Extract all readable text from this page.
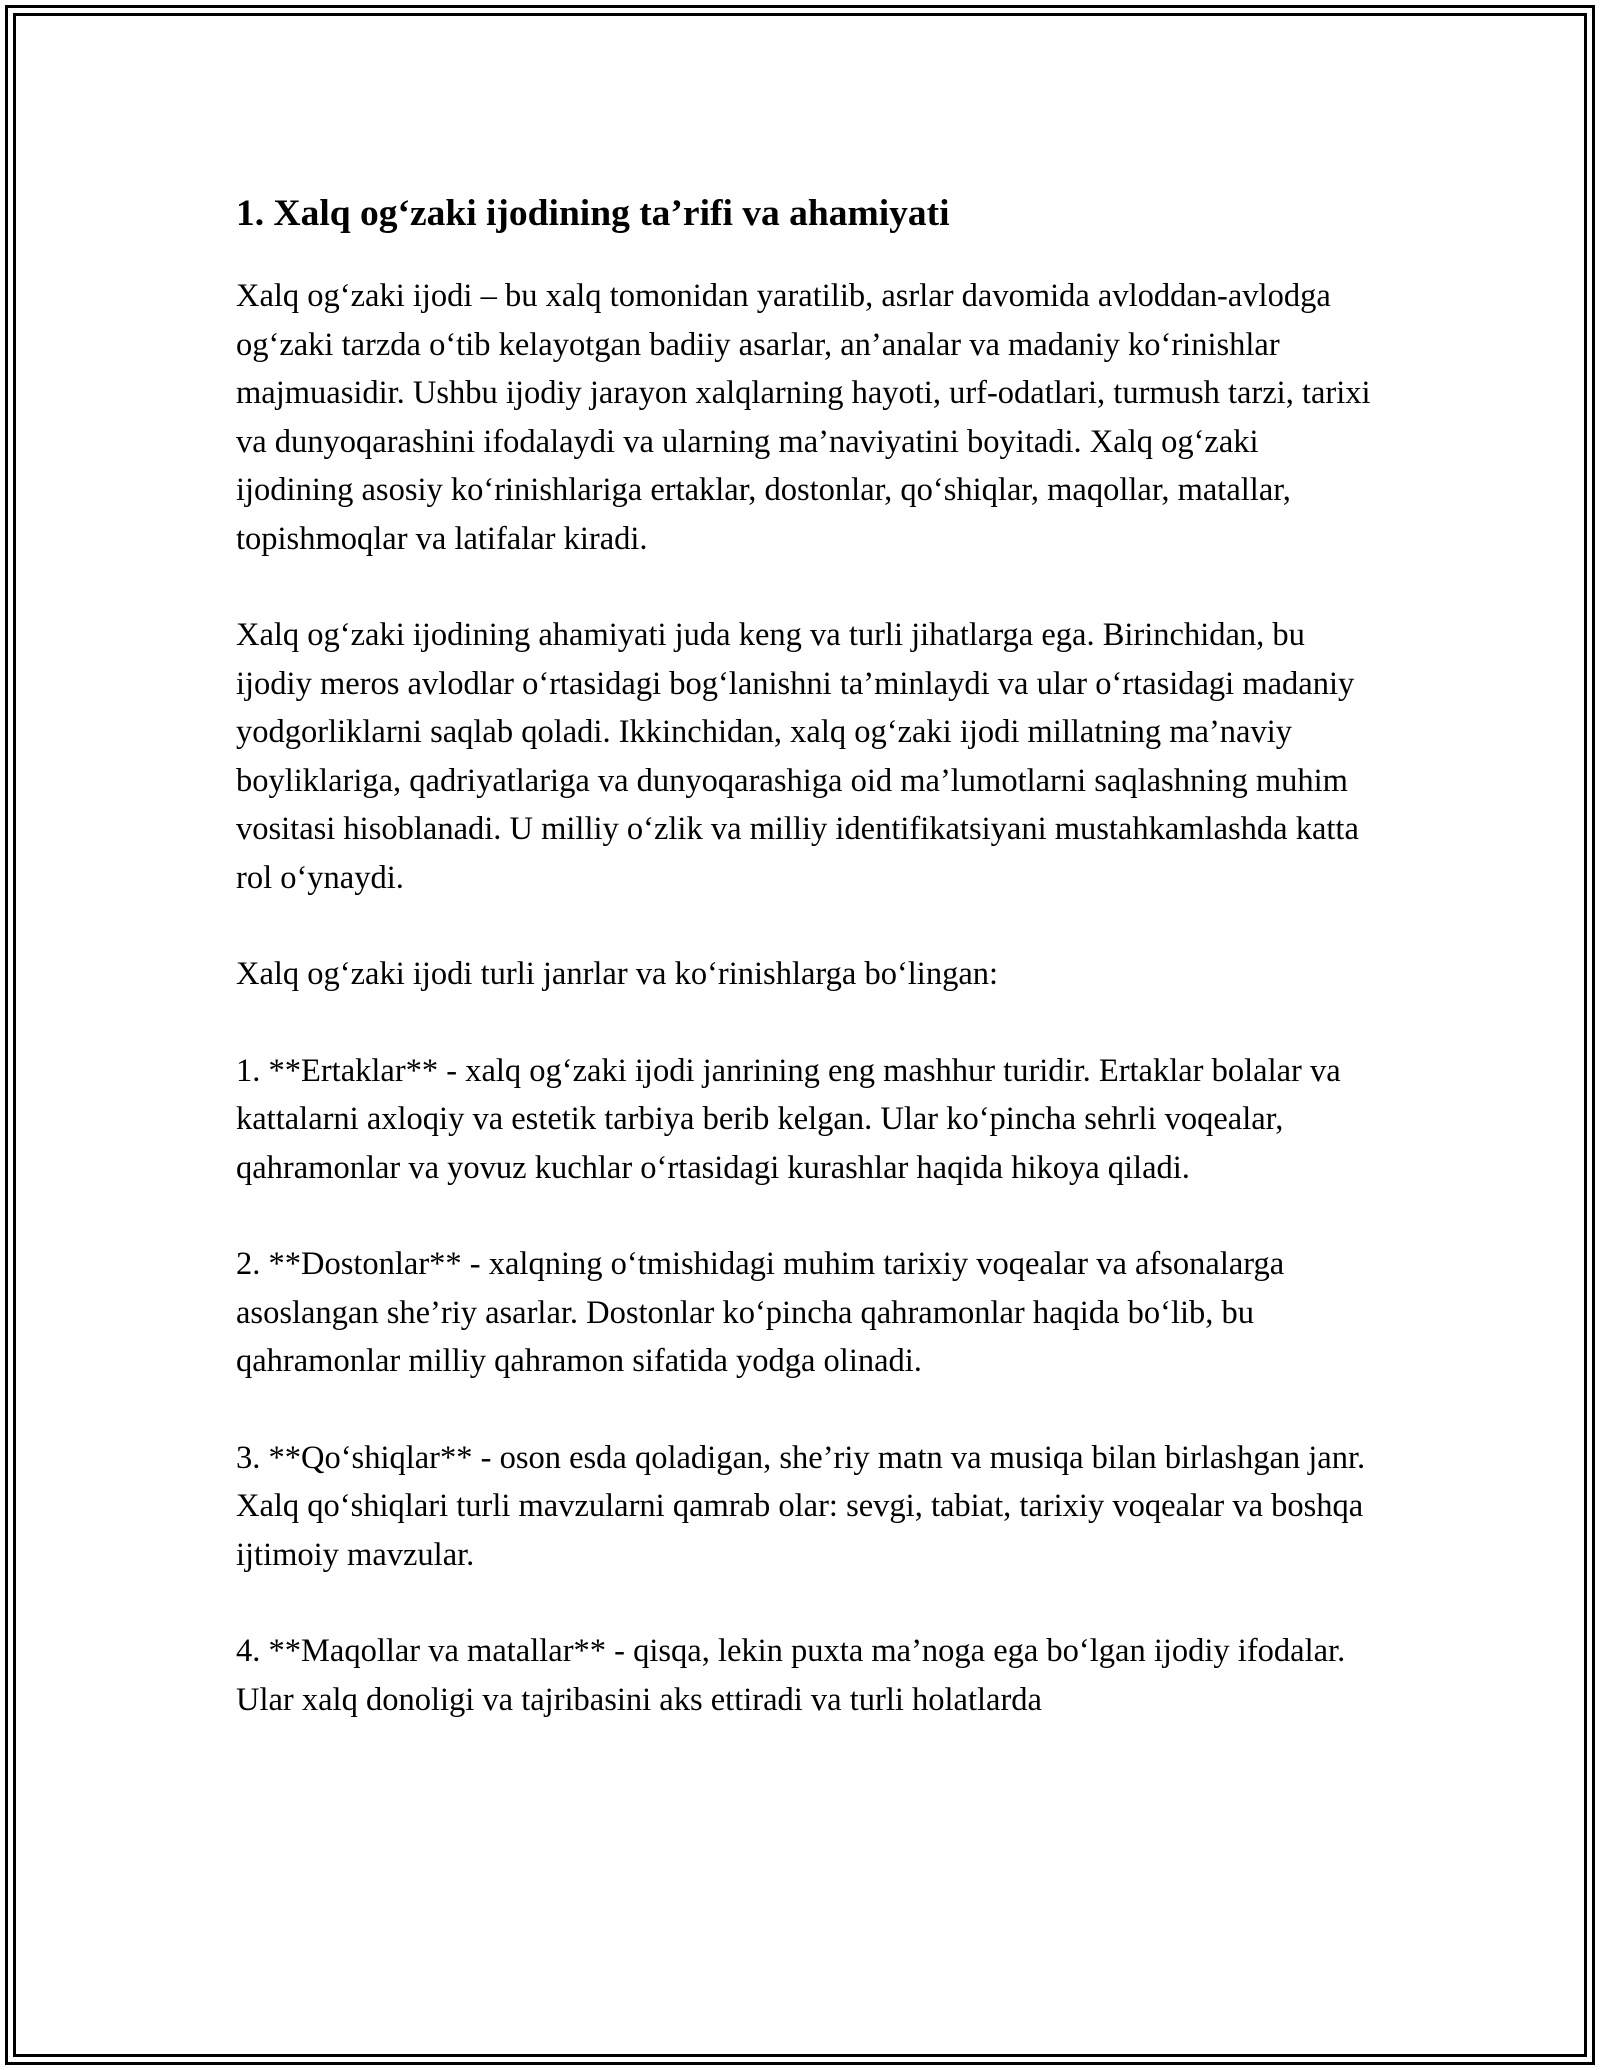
1. Xalq og‘zaki ijodining ta’rifi va ahamiyati

Xalq og‘zaki ijodi – bu xalq tomonidan yaratilib, asrlar davomida avloddan-avlodga og‘zaki tarzda o‘tib kelayotgan badiiy asarlar, an’analar va madaniy ko‘rinishlar majmuasidir. Ushbu ijodiy jarayon xalqlarning hayoti, urf-odatlari, turmush tarzi, tarixi va dunyoqarashini ifodalaydi va ularning ma’naviyatini boyitadi. Xalq og‘zaki ijodining asosiy ko‘rinishlariga ertaklar, dostonlar, qo‘shiqlar, maqollar, matallar, topishmoqlar va latifalar kiradi.

Xalq og‘zaki ijodining ahamiyati juda keng va turli jihatlarga ega. Birinchidan, bu ijodiy meros avlodlar o‘rtasidagi bog‘lanishni ta’minlaydi va ular o‘rtasidagi madaniy yodgorliklarni saqlab qoladi. Ikkinchidan, xalq og‘zaki ijodi millatning ma’naviy boyliklariga, qadriyatlariga va dunyoqarashiga oid ma’lumotlarni saqlashning muhim vositasi hisoblanadi. U milliy o‘zlik va milliy identifikatsiyani mustahkamlashda katta rol o‘ynaydi.

Xalq og‘zaki ijodi turli janrlar va ko‘rinishlarga bo‘lingan:

1. **Ertaklar** - xalq og‘zaki ijodi janrining eng mashhur turidir. Ertaklar bolalar va kattalarni axloqiy va estetik tarbiya berib kelgan. Ular ko‘pincha sehrli voqealar, qahramonlar va yovuz kuchlar o‘rtasidagi kurashlar haqida hikoya qiladi.

2. **Dostonlar** - xalqning o‘tmishidagi muhim tarixiy voqealar va afsonalarga asoslangan she’riy asarlar. Dostonlar ko‘pincha qahramonlar haqida bo‘lib, bu qahramonlar milliy qahramon sifatida yodga olinadi.

3. **Qo‘shiqlar** - oson esda qoladigan, she’riy matn va musiqa bilan birlashgan janr. Xalq qo‘shiqlari turli mavzularni qamrab olar: sevgi, tabiat, tarixiy voqealar va boshqa ijtimoiy mavzular.

4. **Maqollar va matallar** - qisqa, lekin puxta ma’noga ega bo‘lgan ijodiy ifodalar. Ular xalq donoligi va tajribasini aks ettiradi va turli holatlarda
